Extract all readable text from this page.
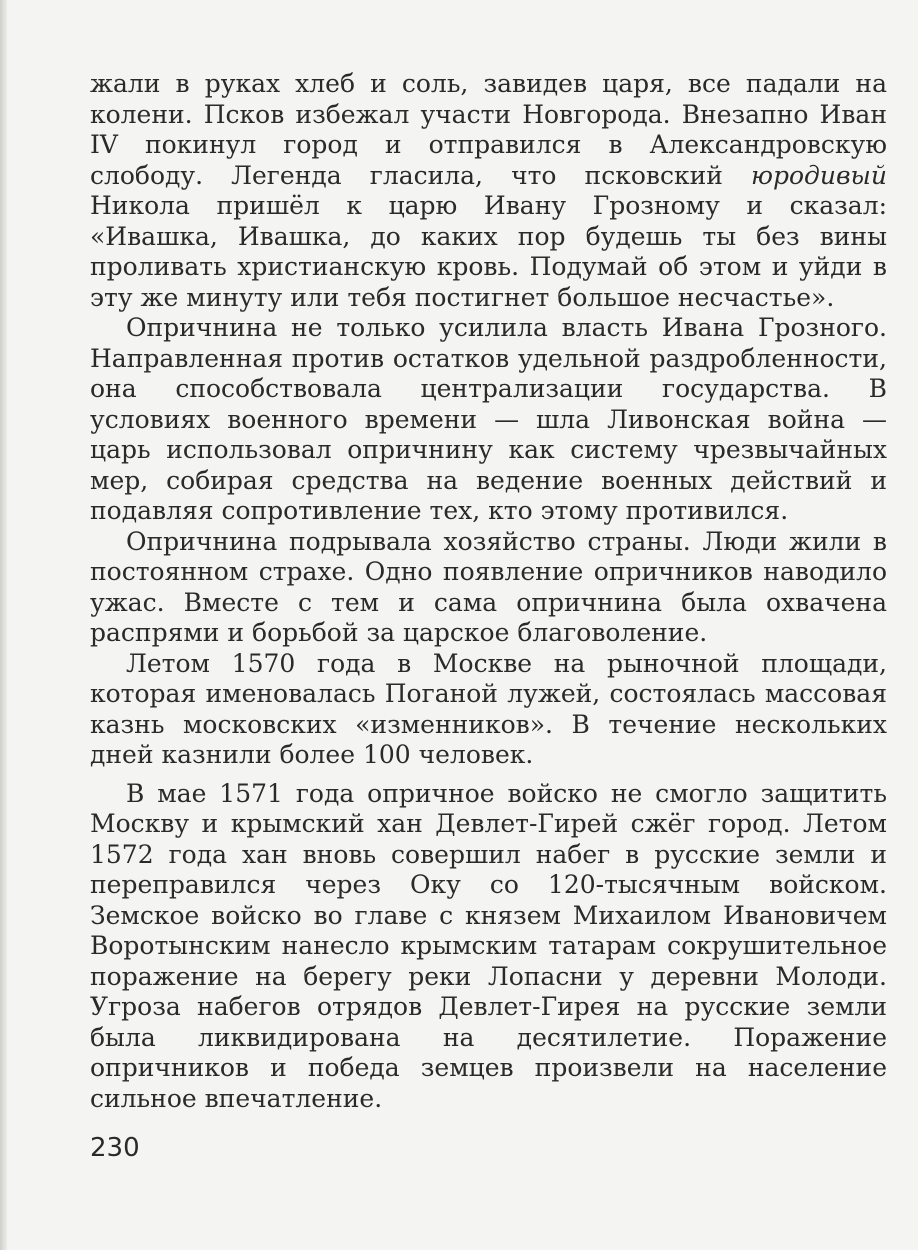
жали в руках хлеб и соль, завидев царя, все падали на колени. Псков избежал участи Новгорода. Внезапно Иван IV покинул город и отправился в Александровскую слободу. Легенда гласила, что псковский юродивый Никола пришёл к царю Ивану Грозному и сказал: «Ивашка, Ивашка, до каких пор будешь ты без вины проливать христианскую кровь. Подумай об этом и уйди в эту же минуту или тебя постигнет большое несчастье».

Опричнина не только усилила власть Ивана Грозного. Направленная против остатков удельной раздробленности, она способствовала централизации государства. В условиях военного времени — шла Ливонская война — царь использовал опричнину как систему чрезвычайных мер, собирая средства на ведение военных действий и подавляя сопротивление тех, кто этому противился.

Опричнина подрывала хозяйство страны. Люди жили в постоянном страхе. Одно появление опричников наводило ужас. Вместе с тем и сама опричнина была охвачена распрями и борьбой за царское благоволение.

Летом 1570 года в Москве на рыночной площади, которая именовалась Поганой лужей, состоялась массовая казнь московских «изменников». В течение нескольких дней казнили более 100 человек.

В мае 1571 года опричное войско не смогло защитить Москву и крымский хан Девлет-Гирей сжёг город. Летом 1572 года хан вновь совершил набег в русские земли и переправился через Оку со 120-тысячным войском. Земское войско во главе с князем Михаилом Ивановичем Воротынским нанесло крымским татарам сокрушительное поражение на берегу реки Лопасни у деревни Молоди. Угроза набегов отрядов Девлет-Гирея на русские земли была ликвидирована на десятилетие. Поражение опричников и победа земцев произвели на население сильное впечатление.

230
